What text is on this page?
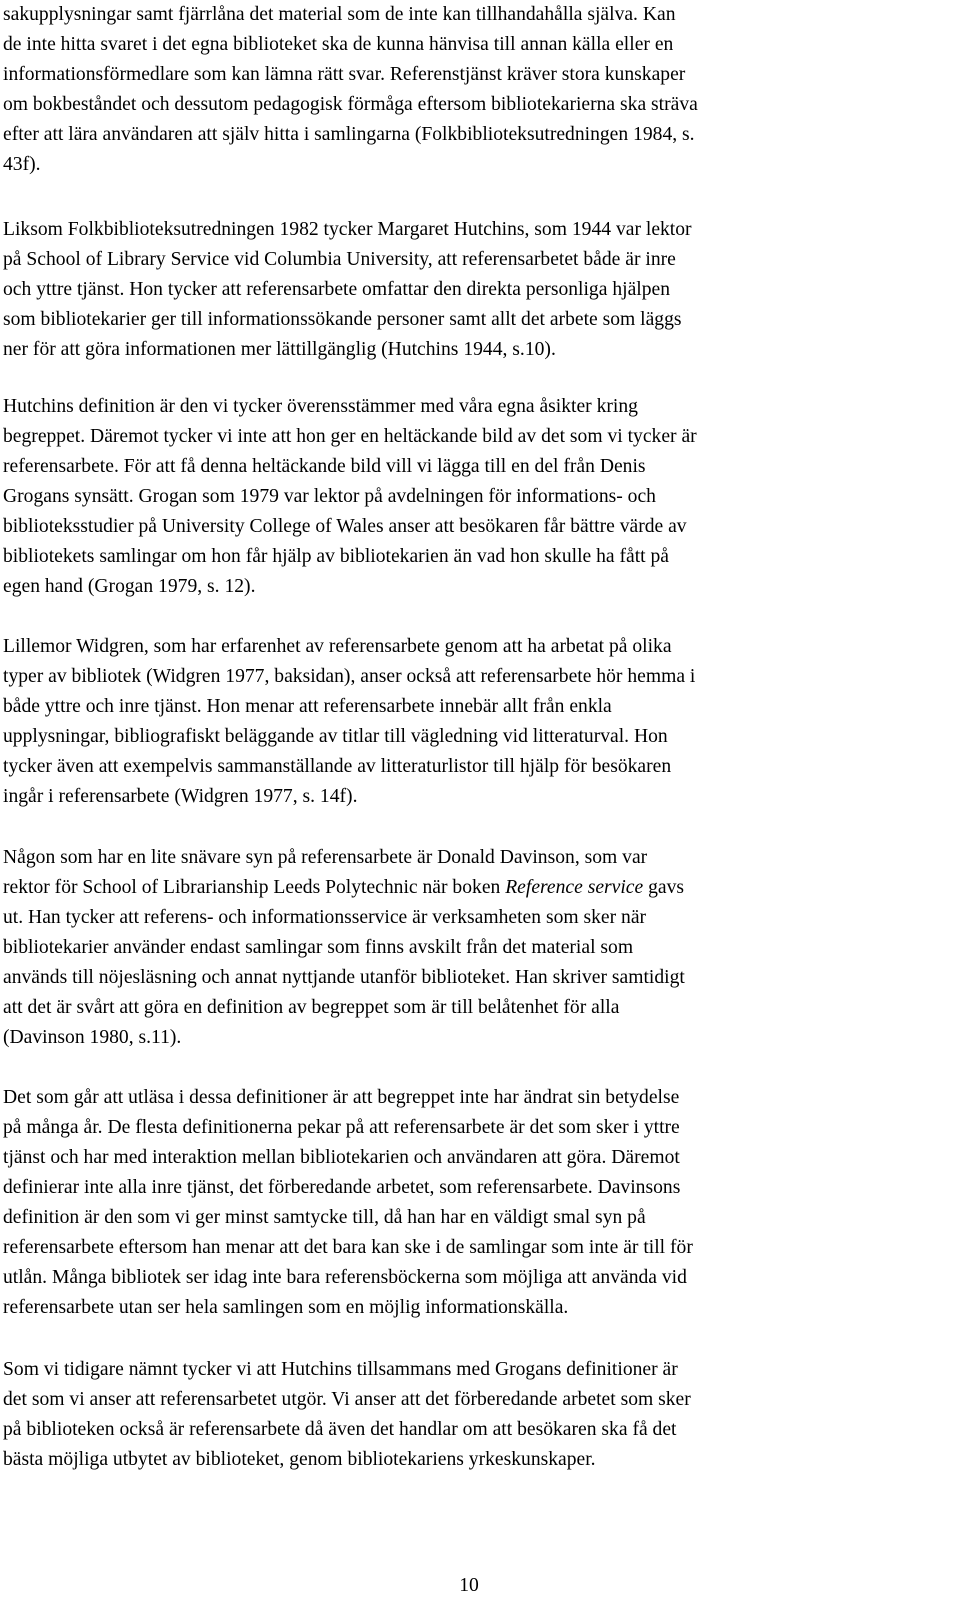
sakupplysningar samt fjärrlåna det material som de inte kan tillhandahålla själva. Kan
de inte hitta svaret i det egna biblioteket ska de kunna hänvisa till annan källa eller en
informationsförmedlare som kan lämna rätt svar. Referenstjänst kräver stora kunskaper
om bokbeståndet och dessutom pedagogisk förmåga eftersom bibliotekarierna ska sträva
efter att lära användaren att själv hitta i samlingarna (Folkbiblioteksutredningen 1984, s.
43f).

Liksom Folkbiblioteksutredningen 1982 tycker Margaret Hutchins, som 1944 var lektor
på School of Library Service vid Columbia University, att referensarbetet både är inre
och yttre tjänst. Hon tycker att referensarbete omfattar den direkta personliga hjälpen
som bibliotekarier ger till informationssökande personer samt allt det arbete som läggs
ner för att göra informationen mer lättillgänglig (Hutchins 1944, s.10).

Hutchins definition är den vi tycker överensstämmer med våra egna åsikter kring
begreppet. Däremot tycker vi inte att hon ger en heltäckande bild av det som vi tycker är
referensarbete. För att få denna heltäckande bild vill vi lägga till en del från Denis
Grogans synsätt. Grogan som 1979 var lektor på avdelningen för informations- och
biblioteksstudier på University College of Wales anser att besökaren får bättre värde av
bibliotekets samlingar om hon får hjälp av bibliotekarien än vad hon skulle ha fått på
egen hand (Grogan 1979, s. 12).

Lillemor Widgren, som har erfarenhet av referensarbete genom att ha arbetat på olika
typer av bibliotek (Widgren 1977, baksidan), anser också att referensarbete hör hemma i
både yttre och inre tjänst. Hon menar att referensarbete innebär allt från enkla
upplysningar, bibliografiskt beläggande av titlar till vägledning vid litteraturval. Hon
tycker även att exempelvis sammanställande av litteraturlistor till hjälp för besökaren
ingår i referensarbete (Widgren 1977, s. 14f).

Någon som har en lite snävare syn på referensarbete är Donald Davinson, som var
rektor för School of Librarianship Leeds Polytechnic när boken Reference service gavs
ut. Han tycker att referens- och informationsservice är verksamheten som sker när
bibliotekarier använder endast samlingar som finns avskilt från det material som
används till nöjesläsning och annat nyttjande utanför biblioteket. Han skriver samtidigt
att det är svårt att göra en definition av begreppet som är till belåtenhet för alla
(Davinson 1980, s.11).

Det som går att utläsa i dessa definitioner är att begreppet inte har ändrat sin betydelse
på många år. De flesta definitionerna pekar på att referensarbete är det som sker i yttre
tjänst och har med interaktion mellan bibliotekarien och användaren att göra. Däremot
definierar inte alla inre tjänst, det förberedande arbetet, som referensarbete. Davinsons
definition är den som vi ger minst samtycke till, då han har en väldigt smal syn på
referensarbete eftersom han menar att det bara kan ske i de samlingar som inte är till för
utlån. Många bibliotek ser idag inte bara referensböckerna som möjliga att använda vid
referensarbete utan ser hela samlingen som en möjlig informationskälla.

Som vi tidigare nämnt tycker vi att Hutchins tillsammans med Grogans definitioner är
det som vi anser att referensarbetet utgör. Vi anser att det förberedande arbetet som sker
på biblioteken också är referensarbete då även det handlar om att besökaren ska få det
bästa möjliga utbytet av biblioteket, genom bibliotekariens yrkeskunskaper.

10
